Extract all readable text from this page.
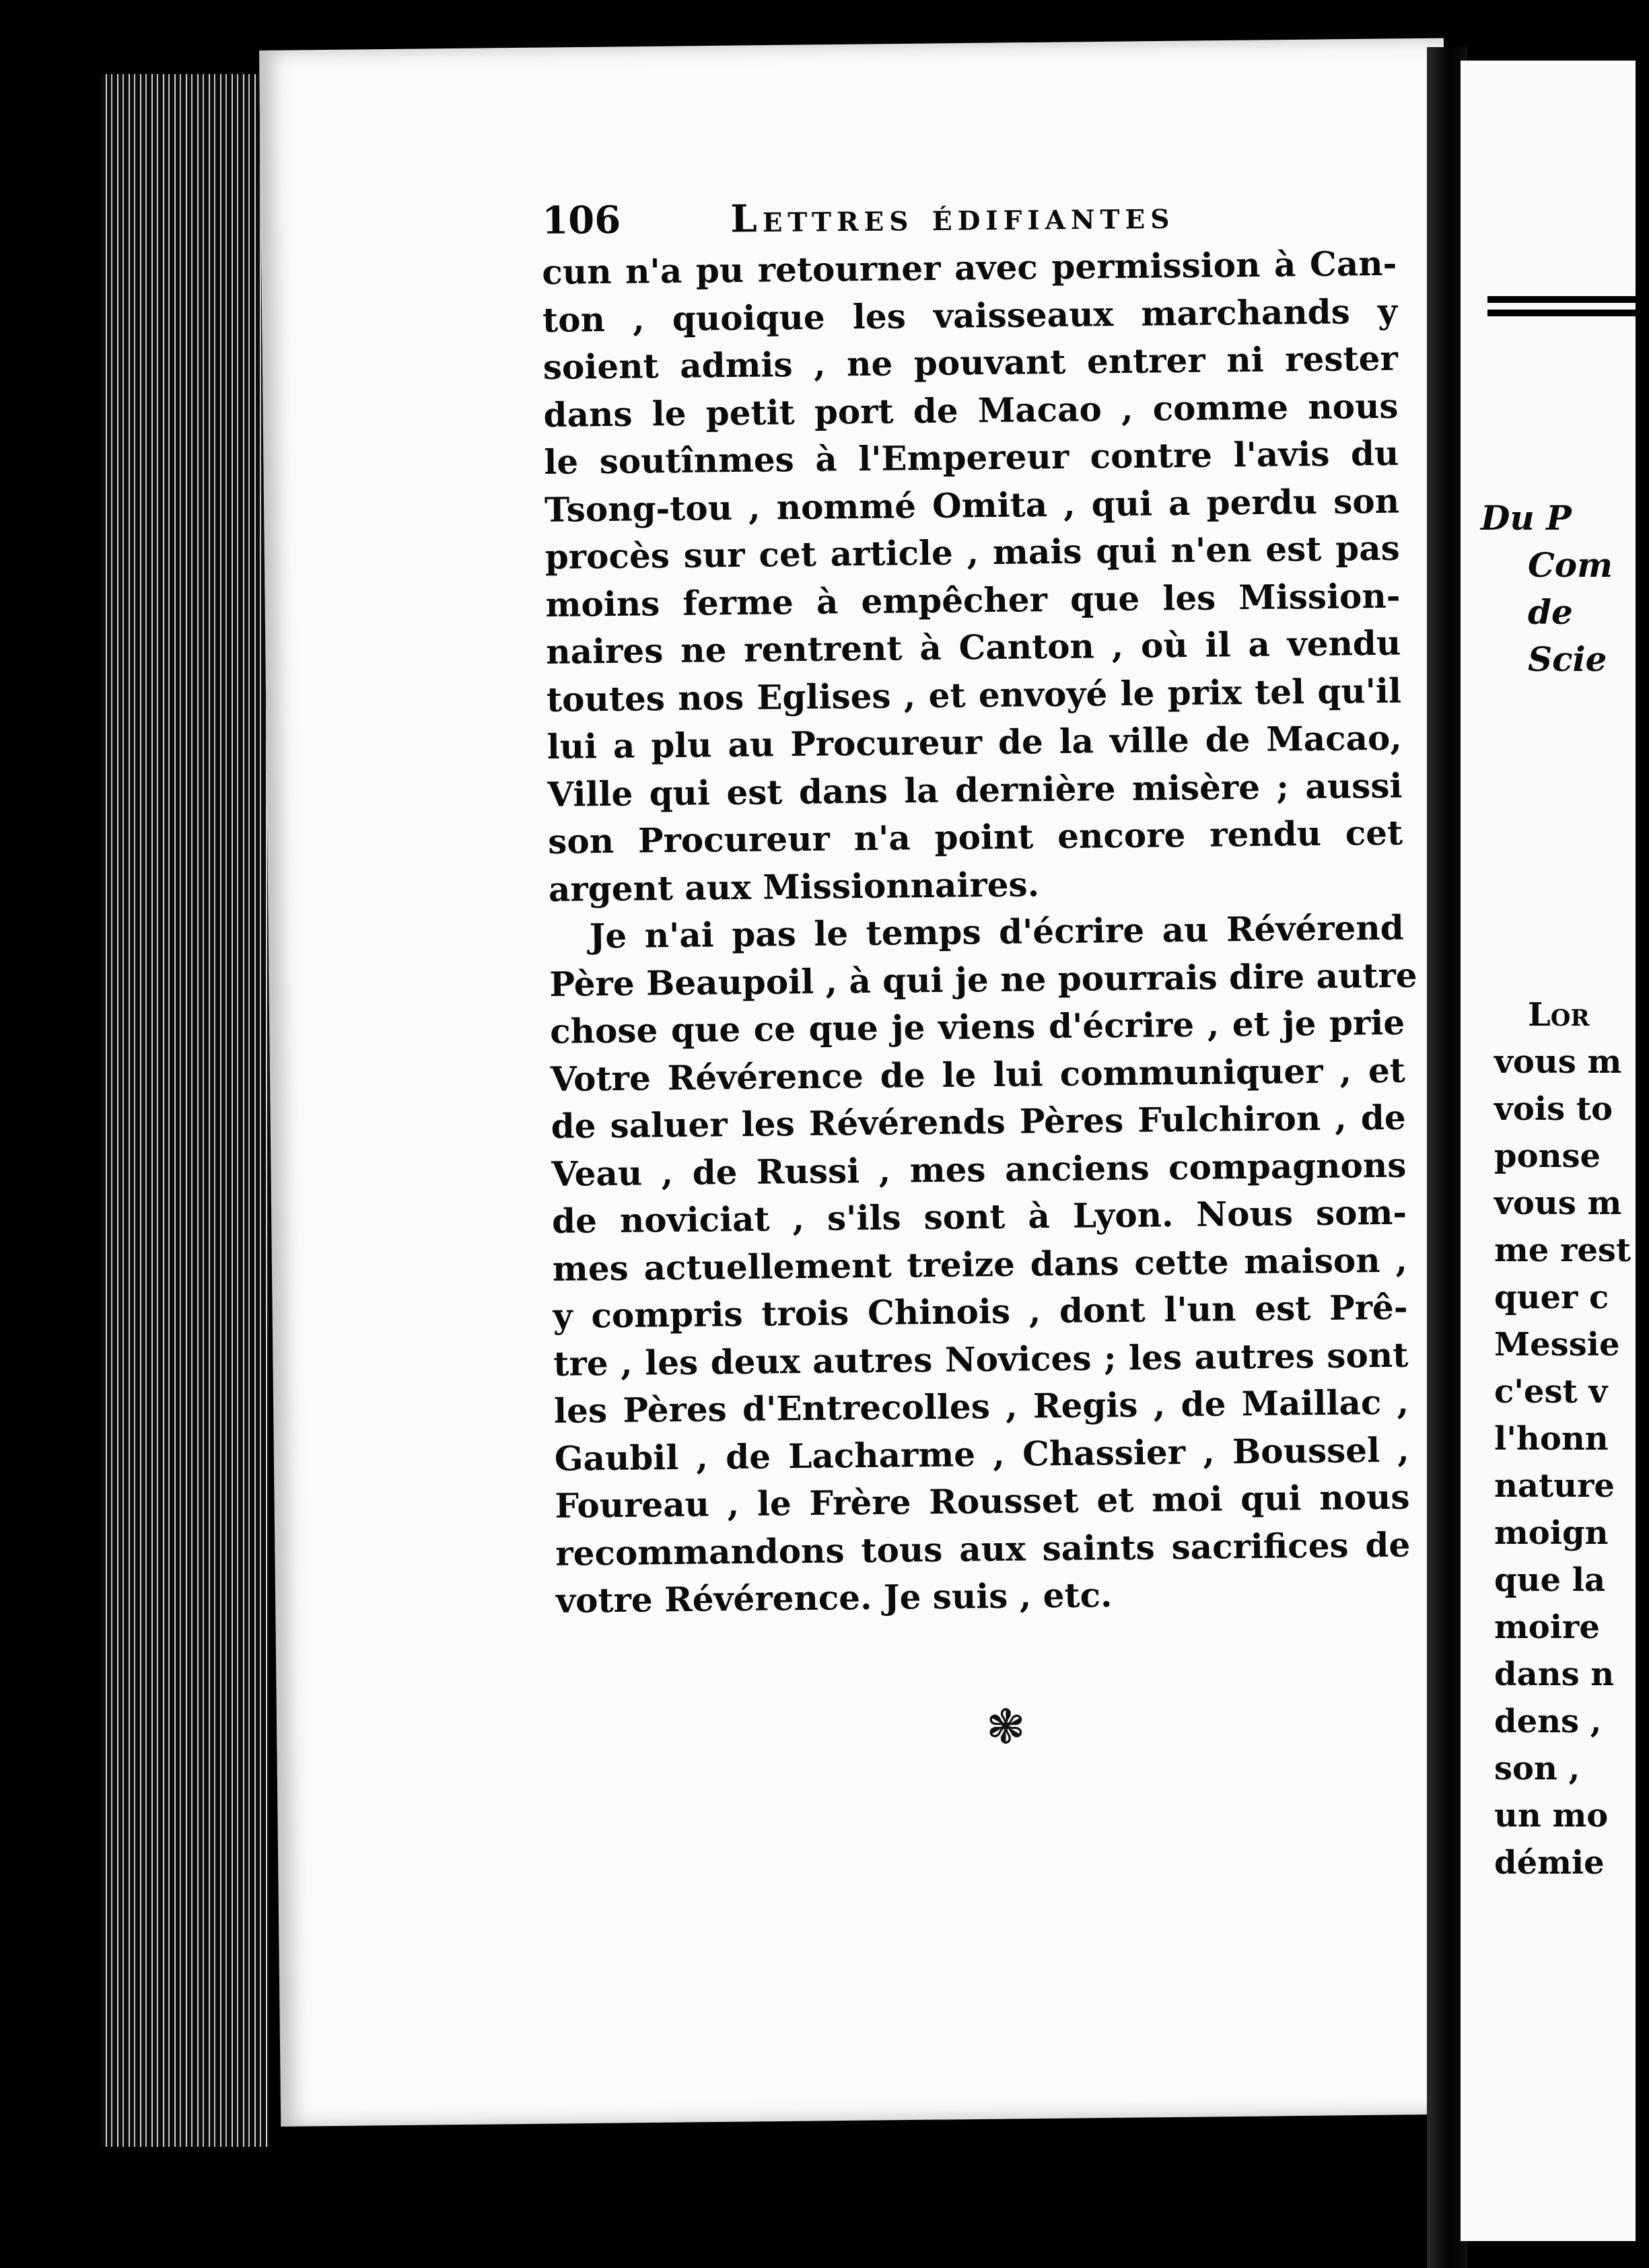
106	Lettres édifiantes
cun n'a pu retourner avec permission à Can-
ton , quoique les vaisseaux marchands y
soient admis , ne pouvant entrer ni rester
dans le petit port de Macao , comme nous
le soutînmes à l'Empereur contre l'avis du
Tsong-tou , nommé Omita , qui a perdu son
procès sur cet article , mais qui n'en est pas
moins ferme à empêcher que les Mission-
naires ne rentrent à Canton , où il a vendu
toutes nos Eglises , et envoyé le prix tel qu'il
lui a plu au Procureur de la ville de Macao,
Ville qui est dans la dernière misère ; aussi
son Procureur n'a point encore rendu cet
argent aux Missionnaires.
Je n'ai pas le temps d'écrire au Révérend
Père Beaupoil , à qui je ne pourrais dire autre
chose que ce que je viens d'écrire , et je prie
Votre Révérence de le lui communiquer , et
de saluer les Révérends Pères Fulchiron , de
Veau , de Russi , mes anciens compagnons
de noviciat , s'ils sont à Lyon. Nous som-
mes actuellement treize dans cette maison ,
y compris trois Chinois , dont l'un est Prê-
tre , les deux autres Novices ; les autres sont
les Pères d'Entrecolles , Regis , de Maillac ,
Gaubil , de Lacharme , Chassier , Boussel ,
Foureau , le Frère Rousset et moi qui nous
recommandons tous aux saints sacrifices de
votre Révérence. Je suis , etc.
❃
Du P
Com
de
Scie
Lor
vous m
vois to
ponse
vous m
me rest
quer c
Messie
c'est v
l'honn
nature
moign
que la
moire
dans n
dens ,
son ,
un mo
démie
